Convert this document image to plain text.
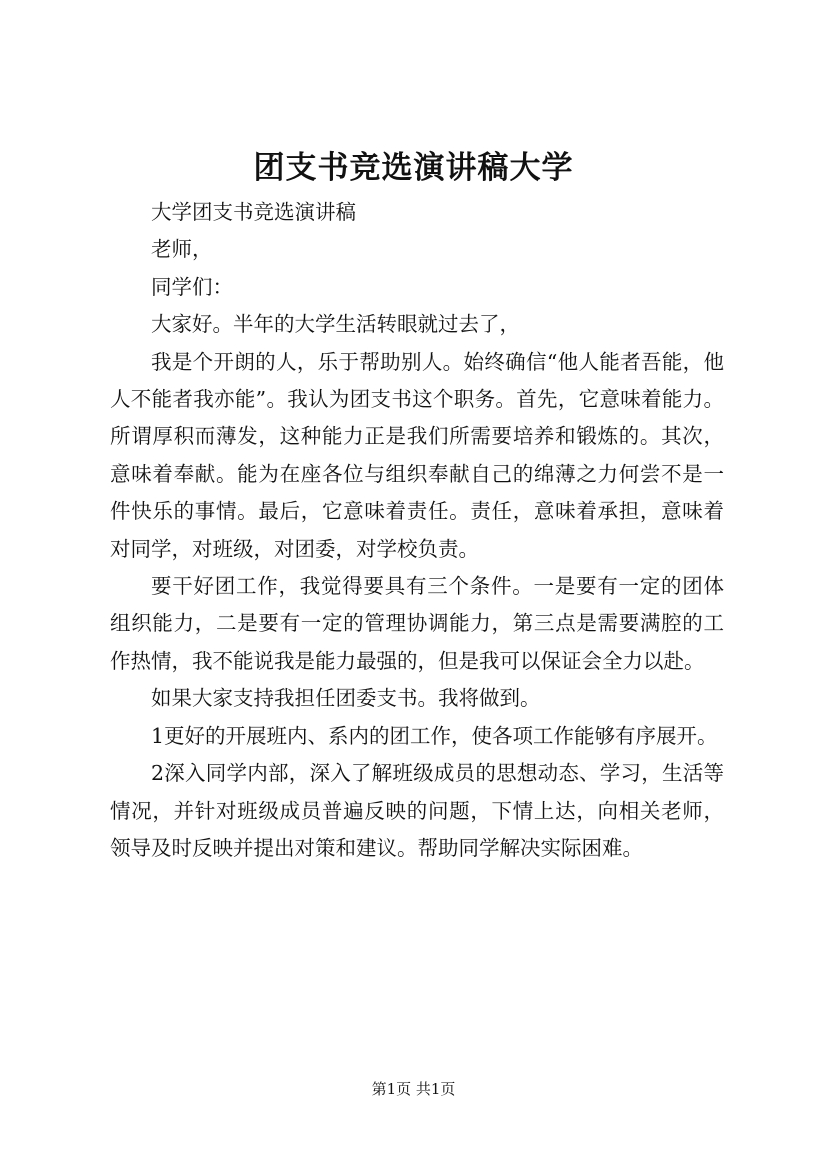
团支书竞选演讲稿大学

大学团支书竞选演讲稿

老师，

同学们：

大家好。半年的大学生活转眼就过去了，

我是个开朗的人，乐于帮助别人。始终确信“他人能者吾能，他人不能者我亦能”。我认为团支书这个职务。首先，它意味着能力。所谓厚积而薄发，这种能力正是我们所需要培养和锻炼的。其次，意味着奉献。能为在座各位与组织奉献自己的绵薄之力何尝不是一件快乐的事情。最后，它意味着责任。责任，意味着承担，意味着对同学，对班级，对团委，对学校负责。

要干好团工作，我觉得要具有三个条件。一是要有一定的团体组织能力，二是要有一定的管理协调能力，第三点是需要满腔的工作热情，我不能说我是能力最强的，但是我可以保证会全力以赴。

如果大家支持我担任团委支书。我将做到。

1更好的开展班内、系内的团工作，使各项工作能够有序展开。

2深入同学内部，深入了解班级成员的思想动态、学习，生活等情况，并针对班级成员普遍反映的问题，下情上达，向相关老师，领导及时反映并提出对策和建议。帮助同学解决实际困难。

第1页 共1页
